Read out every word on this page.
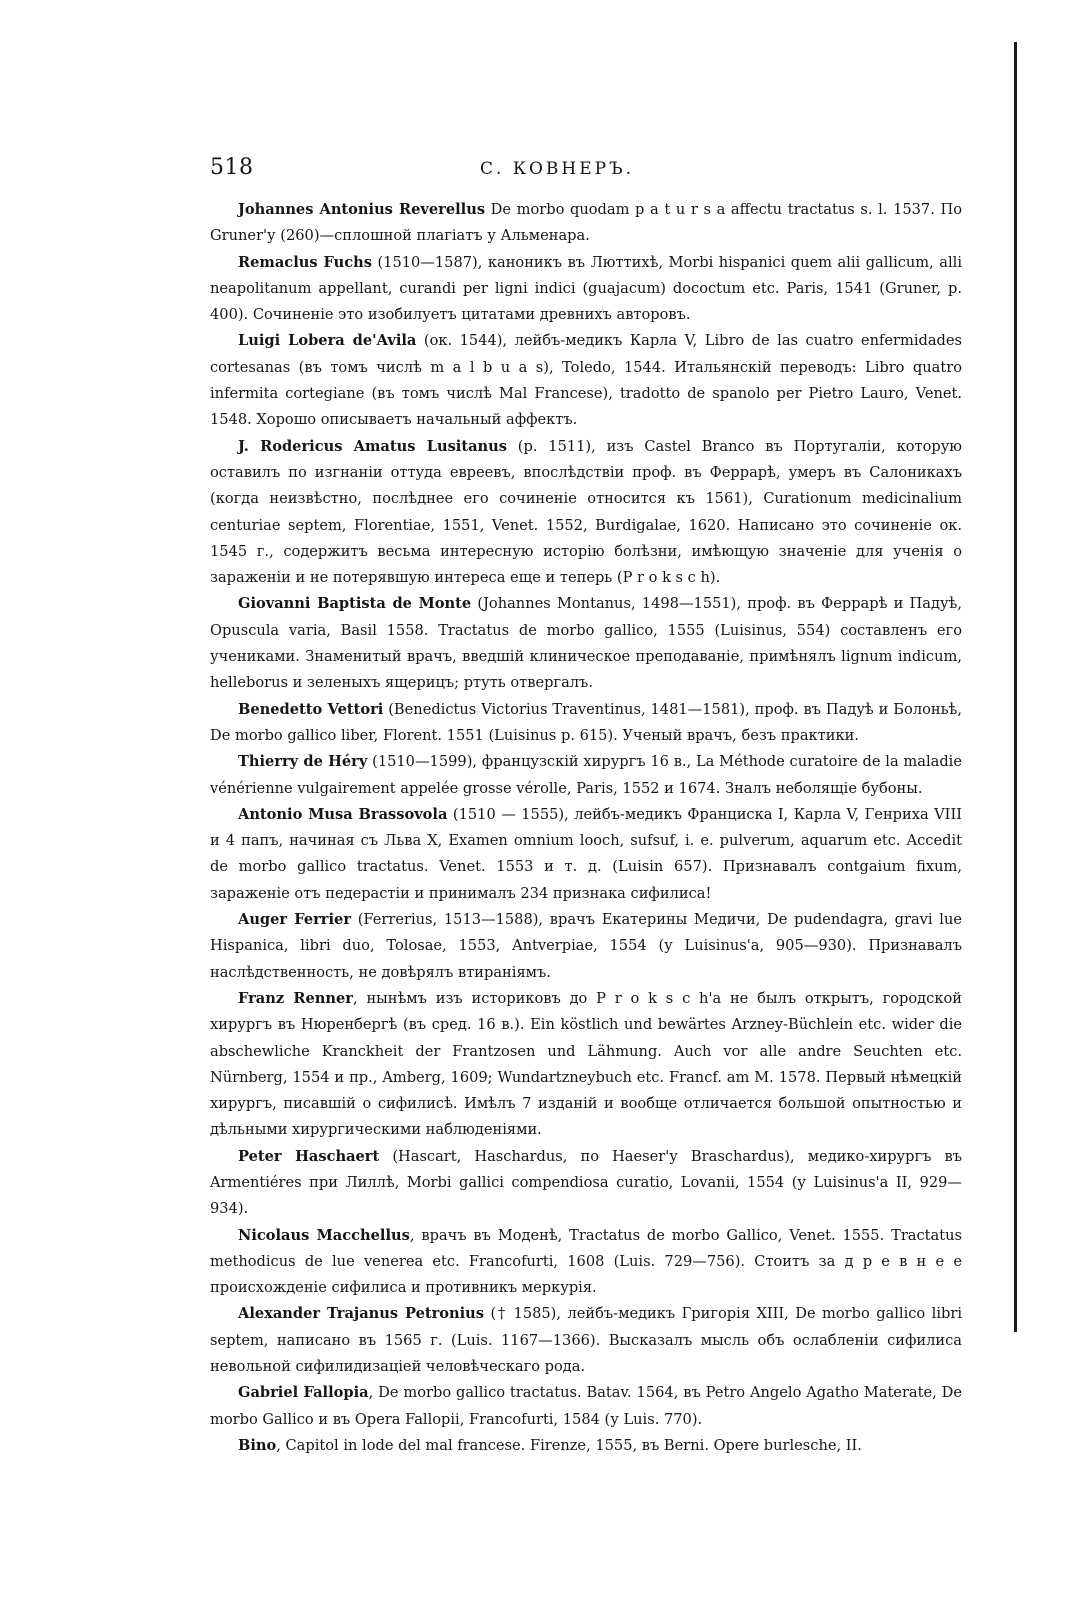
518	С. КОВНЕРЪ.

Johannes Antonius Reverellus De morbo quodam p a t u r s a affectu tractatus s. l. 1537. По Gruner'у (260)—сплошной плагiатъ у Альменара.

Remaclus Fuchs (1510—1587), каноникъ въ Люттихѣ, Morbi hispanici quem alii gallicum, alli neapolitanum appellant, curandi per ligni indici (guajacum) dococtum etc. Paris, 1541 (Gruner, p. 400). Сочиненіе это изобилуетъ цитатами древнихъ авторовъ.

Luigi Lobera de'Avila (ок. 1544), лейбъ-медикъ Карла V, Libro de las cuatro enfermidades cortesanas (въ томъ числѣ m a l b u a s), Toledo, 1544. Итальянскій переводъ: Libro quatro infermita cortegiane (въ томъ числѣ Mal Francese), tradotto de spanolo per Pietro Lauro, Venet. 1548. Хорошо описываетъ начальный аффектъ.

J. Rodericus Amatus Lusitanus (р. 1511), изъ Castel Branco въ Португаліи, которую оставилъ по изгнаніи оттуда евреевъ, впослѣдствіи проф. въ Феррарѣ, умеръ въ Салоникахъ (когда неизвѣстно, послѣднее его сочиненіе относится къ 1561), Curationum medicinalium centuriae septem, Florentiae, 1551, Venet. 1552, Burdigalae, 1620. Написано это сочиненіе ок. 1545 г., содержитъ весьма интересную исторію болѣзни, имѣющую значеніе для ученія о зараженіи и не потерявшую интереса еще и теперь (P r o k s c h).

Giovanni Baptista de Monte (Johannes Montanus, 1498—1551), проф. въ Феррарѣ и Падуѣ, Opuscula varia, Basil 1558. Tractatus de morbo gallico, 1555 (Luisinus, 554) составленъ его учениками. Знаменитый врачъ, введшій клиническое преподаваніе, примѣнялъ lignum indicum, helleborus и зеленыхъ ящерицъ; ртуть отвергалъ.

Benedetto Vettori (Benedictus Victorius Traventinus, 1481—1581), проф. въ Падуѣ и Болоньѣ, De morbo gallico liber, Florent. 1551 (Luisinus p. 615). Ученый врачъ, безъ практики.

Thierry de Héry (1510—1599), французскій хирургъ 16 в., La Méthode curatoire de la maladie vénérienne vulgairement appelée grosse vérolle, Paris, 1552 и 1674. Зналъ неболящіе бубоны.

Antonio Musa Brassovola (1510 — 1555), лейбъ-медикъ Франциска I, Карла V, Генриха VIII и 4 папъ, начиная съ Льва X, Examen omnium looch, sufsuf, i. e. pulverum, aquarum etc. Accedit de morbo gallico tractatus. Venet. 1553 и т. д. (Luisin 657). Признавалъ contgaium fixum, зараженіе отъ педерастіи и принималъ 234 признака сифилиса!

Auger Ferrier (Ferrerius, 1513—1588), врачъ Екатерины Медичи, De pudendagra, gravi lue Hispanica, libri duo, Tolosae, 1553, Antverpiae, 1554 (у Luisinus'а, 905—930). Признавалъ наслѣдственность, не довѣрялъ втиранiямъ.

Franz Renner, нынѣмъ изъ историковъ до P r o k s c h'а не былъ открытъ, городской хирургъ въ Нюренбергѣ (въ сред. 16 в.). Ein köstlich und bewärtes Arzney-Büchlein etc. wider die abschewliche Kranckheit der Frantzosen und Lähmung. Auch vor alle andre Seuchten etc. Nürnberg, 1554 и пр., Amberg, 1609; Wundartzneybuch etc. Francf. am M. 1578. Первый нѣмецкій хирургъ, писавшій о сифилисѣ. Имѣлъ 7 изданій и вообще отличается большой опытностью и дѣльными хирургическими наблюденіями.

Peter Haschaert (Hascart, Haschardus, по Haeser'у Braschardus), медико-хирургъ въ Armentiéres при Лиллѣ, Morbi gallici compendiosa curatio, Lovanii, 1554 (у Luisinus'а II, 929—934).

Nicolaus Macchellus, врачъ въ Моденѣ, Tractatus de morbo Gallico, Venet. 1555. Tractatus methodicus de lue venerea etc. Francofurti, 1608 (Luis. 729—756). Стоитъ за д р е в н е е происхожденіе сифилиса и противникъ меркурія.

Alexander Trajanus Petronius († 1585), лейбъ-медикъ Григорія XIII, De morbo gallico libri septem, написано въ 1565 г. (Luis. 1167—1366). Высказалъ мысль объ ослабленіи сифилиса невольной сифилидизаціей человѣческаго рода.

Gabriel Fallopia, De morbo gallico tractatus. Batav. 1564, въ Petro Angelo Agatho Materate, De morbo Gallico и въ Opera Fallopii, Francofurti, 1584 (у Luis. 770).

Bino, Capitol in lode del mal francese. Firenze, 1555, въ Berni. Opere burlesche, II.
